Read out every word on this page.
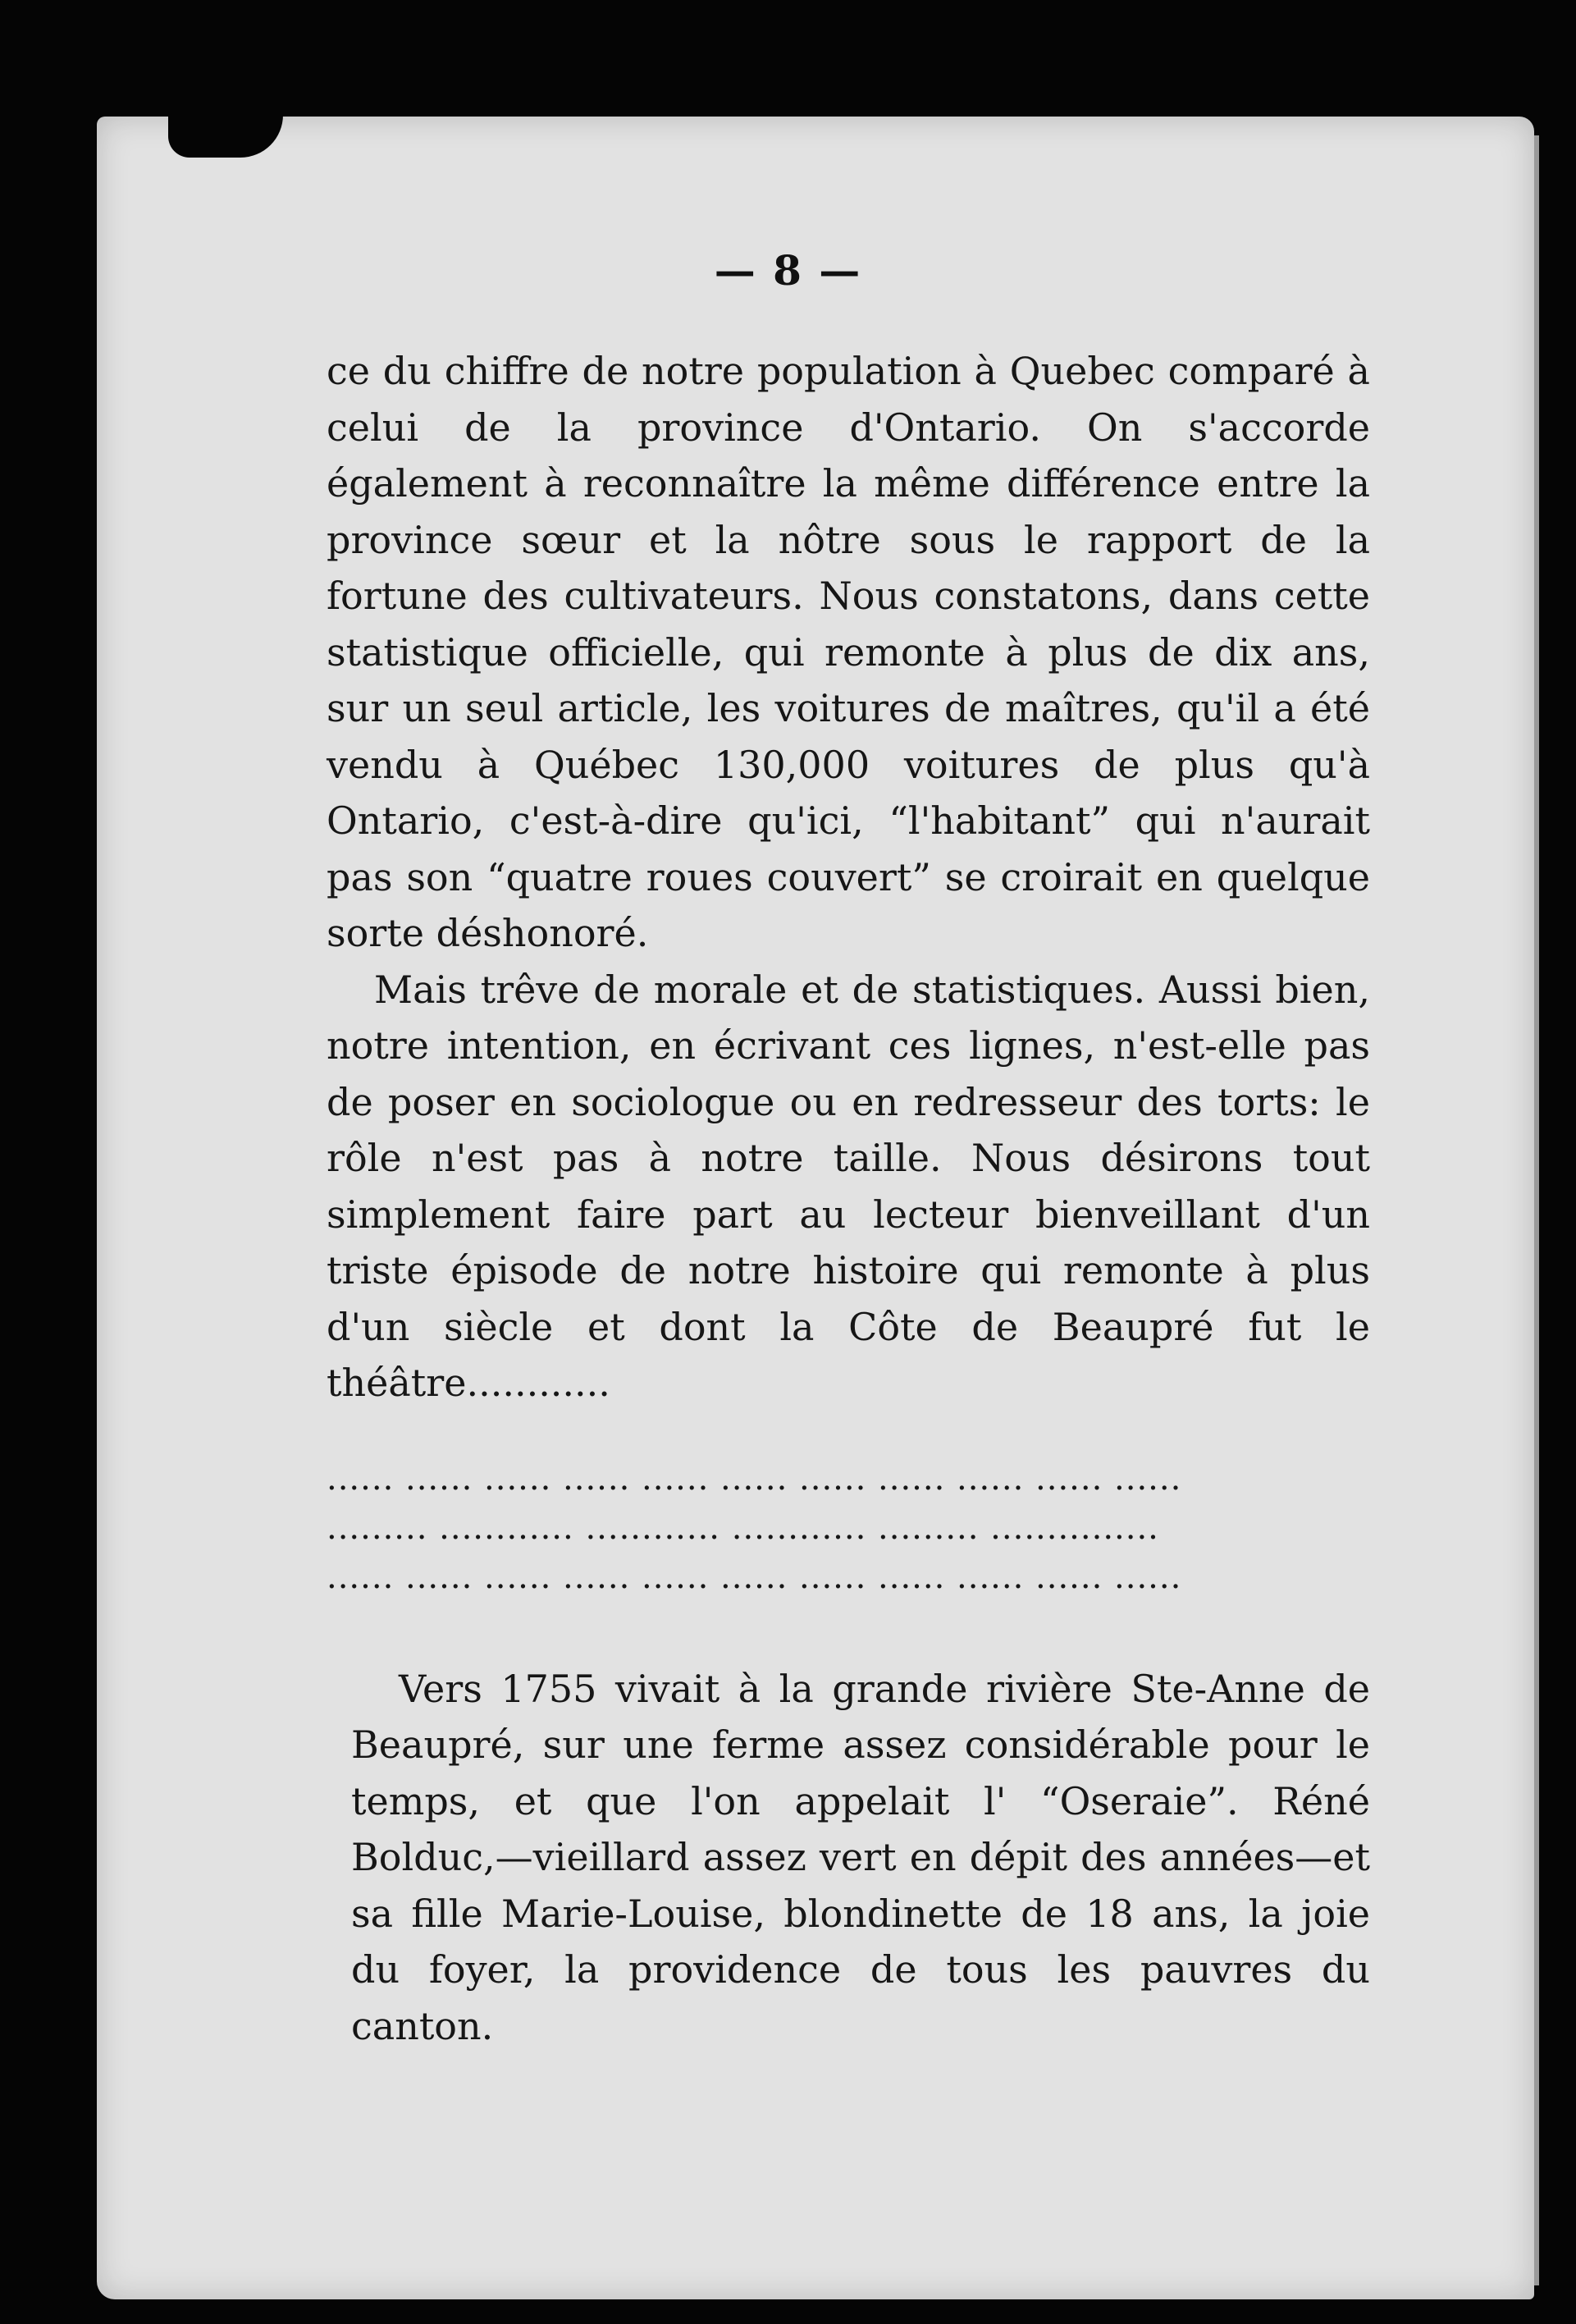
— 8 —

ce du chiffre de notre population à Quebec comparé à celui de la province d'Ontario. On s'accorde également à reconnaître la même différence entre la province sœur et la nôtre sous le rapport de la fortune des cultivateurs. Nous constatons, dans cette statistique officielle, qui remonte à plus de dix ans, sur un seul article, les voitures de maîtres, qu'il a été vendu à Québec 130,000 voitures de plus qu'à Ontario, c'est-à-dire qu'ici, “l'habitant” qui n'aurait pas son “quatre roues couvert” se croirait en quelque sorte déshonoré.

Mais trêve de morale et de statistiques. Aussi bien, notre intention, en écrivant ces lignes, n'est-elle pas de poser en sociologue ou en redresseur des torts: le rôle n'est pas à notre taille. Nous désirons tout simplement faire part au lecteur bienveillant d'un triste épisode de notre histoire qui remonte à plus d'un siècle et dont la Côte de Beaupré fut le théâtre............

...... ...... ...... ...... ...... ...... ...... ...... ...... ...... ......

......... ............ ............ ............ ......... ...............

...... ...... ...... ...... ...... ...... ...... ...... ...... ...... ......

Vers 1755 vivait à la grande rivière Ste-Anne de Beaupré, sur une ferme assez considérable pour le temps, et que l'on appelait l' “Oseraie”. Réné Bolduc,—vieillard assez vert en dépit des années—et sa fille Marie-Louise, blondinette de 18 ans, la joie du foyer, la providence de tous les pauvres du canton.
